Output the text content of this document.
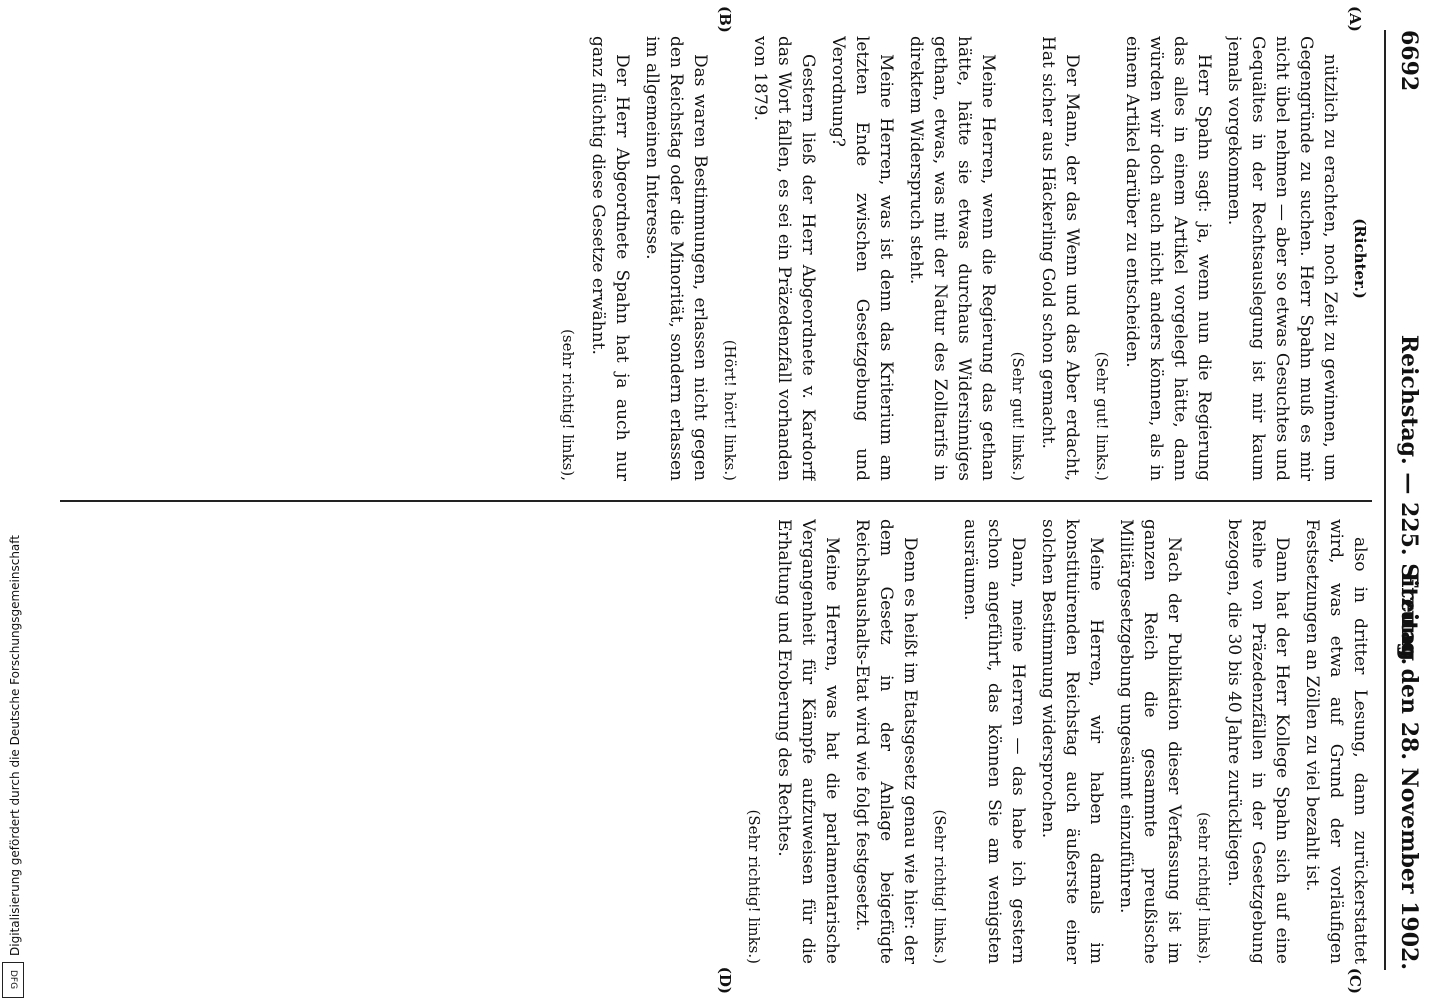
6692
Reichstag. — 225. Sitzung.
Freitag den 28. November 1902.
(A)
(B)
(C)
(D)
(Richter.)

nützlich zu erachten, noch Zeit zu gewinnen, um Gegengründe zu suchen. Herr Spahn muß es mir nicht übel nehmen — aber so etwas Gesuchtes und Gequältes in der Rechtsauslegung ist mir kaum jemals vorgekommen.

Herr Spahn sagt: ja, wenn nun die Regierung das alles in einem Artikel vorgelegt hätte, dann würden wir doch auch nicht anders können, als in einem Artikel darüber zu entscheiden.

(Sehr gut! links.)

Der Mann, der das Wenn und das Aber erdacht, Hat sicher aus Häckerling Gold schon gemacht.

(Sehr gut! links.)

Meine Herren, wenn die Regierung das gethan hätte, hätte sie etwas durchaus Widersinniges gethan, etwas, was mit der Natur des Zolltarifs in direktem Widerspruch steht.

Meine Herren, was ist denn das Kriterium am letzten Ende zwischen Gesetzgebung und Verordnung?

Gestern ließ der Herr Abgeordnete v. Kardorff das Wort fallen, es sei ein Präzedenzfall vorhanden von 1879.

(Hört! hört! links.)

Das waren Bestimmungen, erlassen nicht gegen den Reichstag oder die Minorität, sondern erlassen im allgemeinen Interesse.

Der Herr Abgeordnete Spahn hat ja auch nur ganz flüchtig diese Gesetze erwähnt.

(sehr richtig! links),

also in dritter Lesung, dann zurückerstattet wird, was etwa auf Grund der vorläufigen Festsetzungen an Zöllen zu viel bezahlt ist.

Dann hat der Herr Kollege Spahn sich auf eine Reihe von Präzedenzfällen in der Gesetzgebung bezogen, die 30 bis 40 Jahre zurückliegen.

(sehr richtig! links).

Nach der Publikation dieser Verfassung ist im ganzen Reich die gesammte preußische Militärgesetzgebung ungesäumt einzuführen.

Meine Herren, wir haben damals im konstituirenden Reichstag auch äußerste einer solchen Bestimmung widersprochen.

Dann, meine Herren — das habe ich gestern schon angeführt, das können Sie am wenigsten ausräumen.

(Sehr richtig! links.)

Denn es heißt im Etatsgesetz genau wie hier: der dem Gesetz in der Anlage beigefügte Reichshaushalts-Etat wird wie folgt festgesetzt.

Meine Herren, was hat die parlamentarische Vergangenheit für Kämpfe aufzuweisen für die Erhaltung und Eroberung des Rechtes.

(Sehr richtig! links.)
Digitalisierung gefördert durch die Deutsche Forschungsgemeinschaft
DFG
